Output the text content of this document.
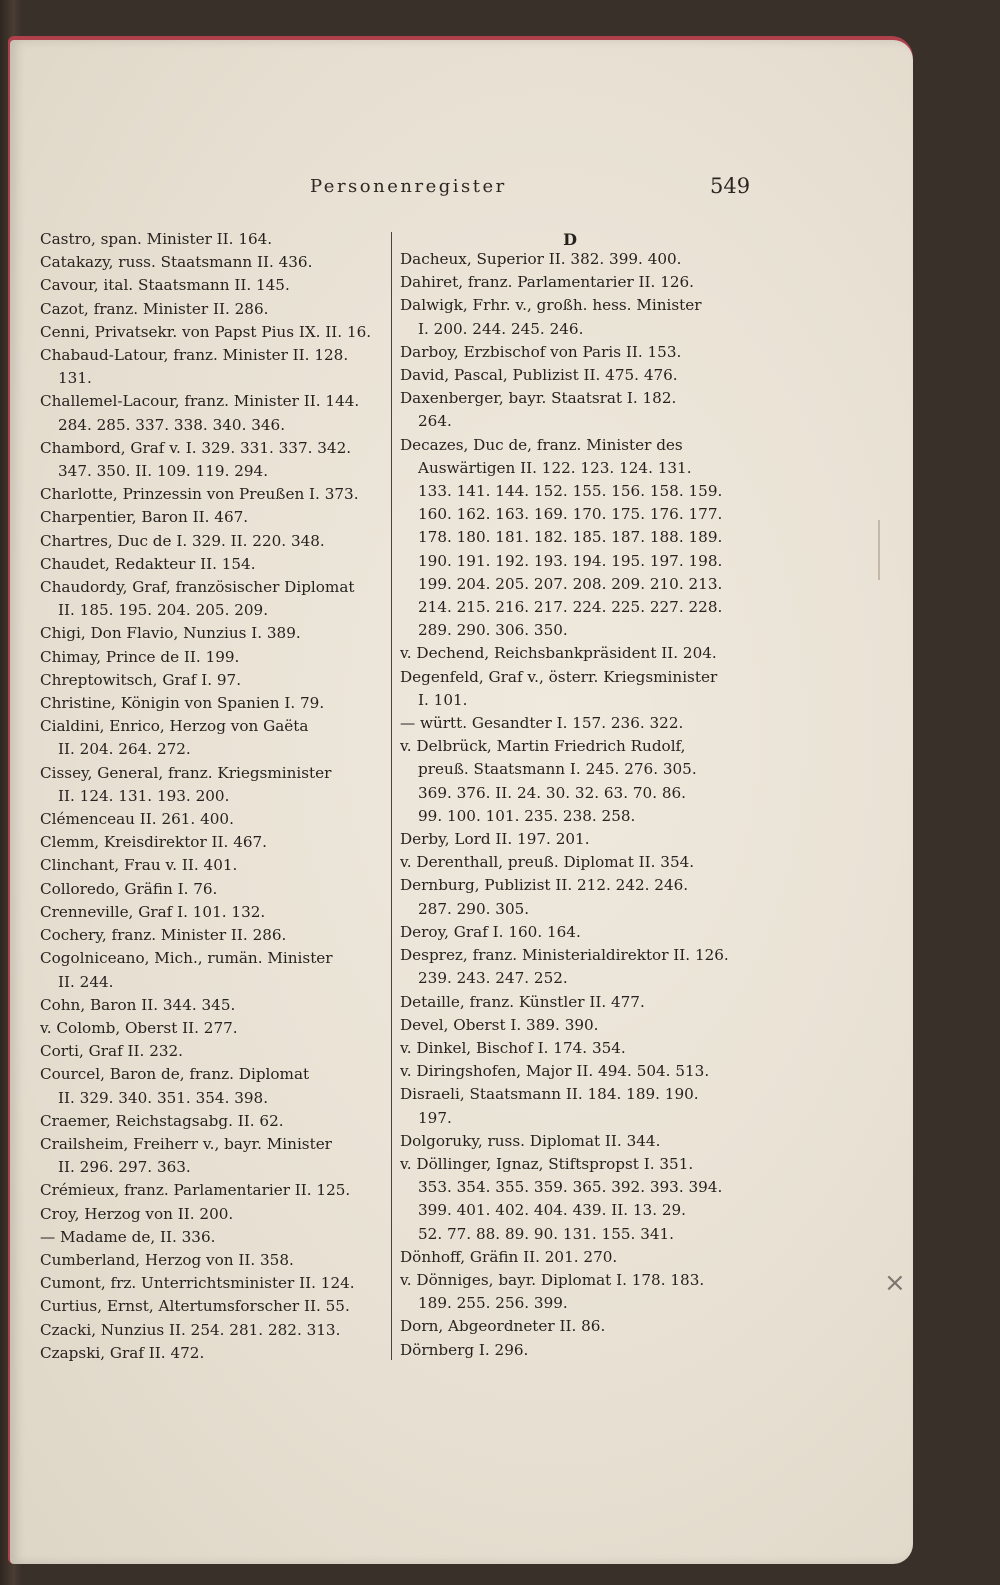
Personenregister	549
Castro, span. Minister II. 164.
Catakazy, russ. Staatsmann II. 436.
Cavour, ital. Staatsmann II. 145.
Cazot, franz. Minister II. 286.
Cenni, Privatsekr. von Papst Pius IX. II. 16.
Chabaud-Latour, franz. Minister II. 128.
131.
Challemel-Lacour, franz. Minister II. 144.
284. 285. 337. 338. 340. 346.
Chambord, Graf v. I. 329. 331. 337. 342.
347. 350. II. 109. 119. 294.
Charlotte, Prinzessin von Preußen I. 373.
Charpentier, Baron II. 467.
Chartres, Duc de I. 329. II. 220. 348.
Chaudet, Redakteur II. 154.
Chaudordy, Graf, französischer Diplomat
II. 185. 195. 204. 205. 209.
Chigi, Don Flavio, Nunzius I. 389.
Chimay, Prince de II. 199.
Chreptowitsch, Graf I. 97.
Christine, Königin von Spanien I. 79.
Cialdini, Enrico, Herzog von Gaëta
II. 204. 264. 272.
Cissey, General, franz. Kriegsminister
II. 124. 131. 193. 200.
Clémenceau II. 261. 400.
Clemm, Kreisdirektor II. 467.
Clinchant, Frau v. II. 401.
Colloredo, Gräfin I. 76.
Crenneville, Graf I. 101. 132.
Cochery, franz. Minister II. 286.
Cogolniceano, Mich., rumän. Minister
II. 244.
Cohn, Baron II. 344. 345.
v. Colomb, Oberst II. 277.
Corti, Graf II. 232.
Courcel, Baron de, franz. Diplomat
II. 329. 340. 351. 354. 398.
Craemer, Reichstagsabg. II. 62.
Crailsheim, Freiherr v., bayr. Minister
II. 296. 297. 363.
Crémieux, franz. Parlamentarier II. 125.
Croy, Herzog von II. 200.
— Madame de, II. 336.
Cumberland, Herzog von II. 358.
Cumont, frz. Unterrichtsminister II. 124.
Curtius, Ernst, Altertumsforscher II. 55.
Czacki, Nunzius II. 254. 281. 282. 313.
Czapski, Graf II. 472.
D
Dacheux, Superior II. 382. 399. 400.
Dahiret, franz. Parlamentarier II. 126.
Dalwigk, Frhr. v., großh. hess. Minister
I. 200. 244. 245. 246.
Darboy, Erzbischof von Paris II. 153.
David, Pascal, Publizist II. 475. 476.
Daxenberger, bayr. Staatsrat I. 182.
264.
Decazes, Duc de, franz. Minister des
Auswärtigen II. 122. 123. 124. 131.
133. 141. 144. 152. 155. 156. 158. 159.
160. 162. 163. 169. 170. 175. 176. 177.
178. 180. 181. 182. 185. 187. 188. 189.
190. 191. 192. 193. 194. 195. 197. 198.
199. 204. 205. 207. 208. 209. 210. 213.
214. 215. 216. 217. 224. 225. 227. 228.
289. 290. 306. 350.
v. Dechend, Reichsbankpräsident II. 204.
Degenfeld, Graf v., österr. Kriegsminister
I. 101.
— württ. Gesandter I. 157. 236. 322.
v. Delbrück, Martin Friedrich Rudolf,
preuß. Staatsmann I. 245. 276. 305.
369. 376. II. 24. 30. 32. 63. 70. 86.
99. 100. 101. 235. 238. 258.
Derby, Lord II. 197. 201.
v. Derenthall, preuß. Diplomat II. 354.
Dernburg, Publizist II. 212. 242. 246.
287. 290. 305.
Deroy, Graf I. 160. 164.
Desprez, franz. Ministerialdirektor II. 126.
239. 243. 247. 252.
Detaille, franz. Künstler II. 477.
Devel, Oberst I. 389. 390.
v. Dinkel, Bischof I. 174. 354.
v. Diringshofen, Major II. 494. 504. 513.
Disraeli, Staatsmann II. 184. 189. 190.
197.
Dolgoruky, russ. Diplomat II. 344.
v. Döllinger, Ignaz, Stiftspropst I. 351.
353. 354. 355. 359. 365. 392. 393. 394.
399. 401. 402. 404. 439. II. 13. 29.
52. 77. 88. 89. 90. 131. 155. 341.
Dönhoff, Gräfin II. 201. 270.
v. Dönniges, bayr. Diplomat I. 178. 183.
189. 255. 256. 399.
Dorn, Abgeordneter II. 86.
Dörnberg I. 296.
×
